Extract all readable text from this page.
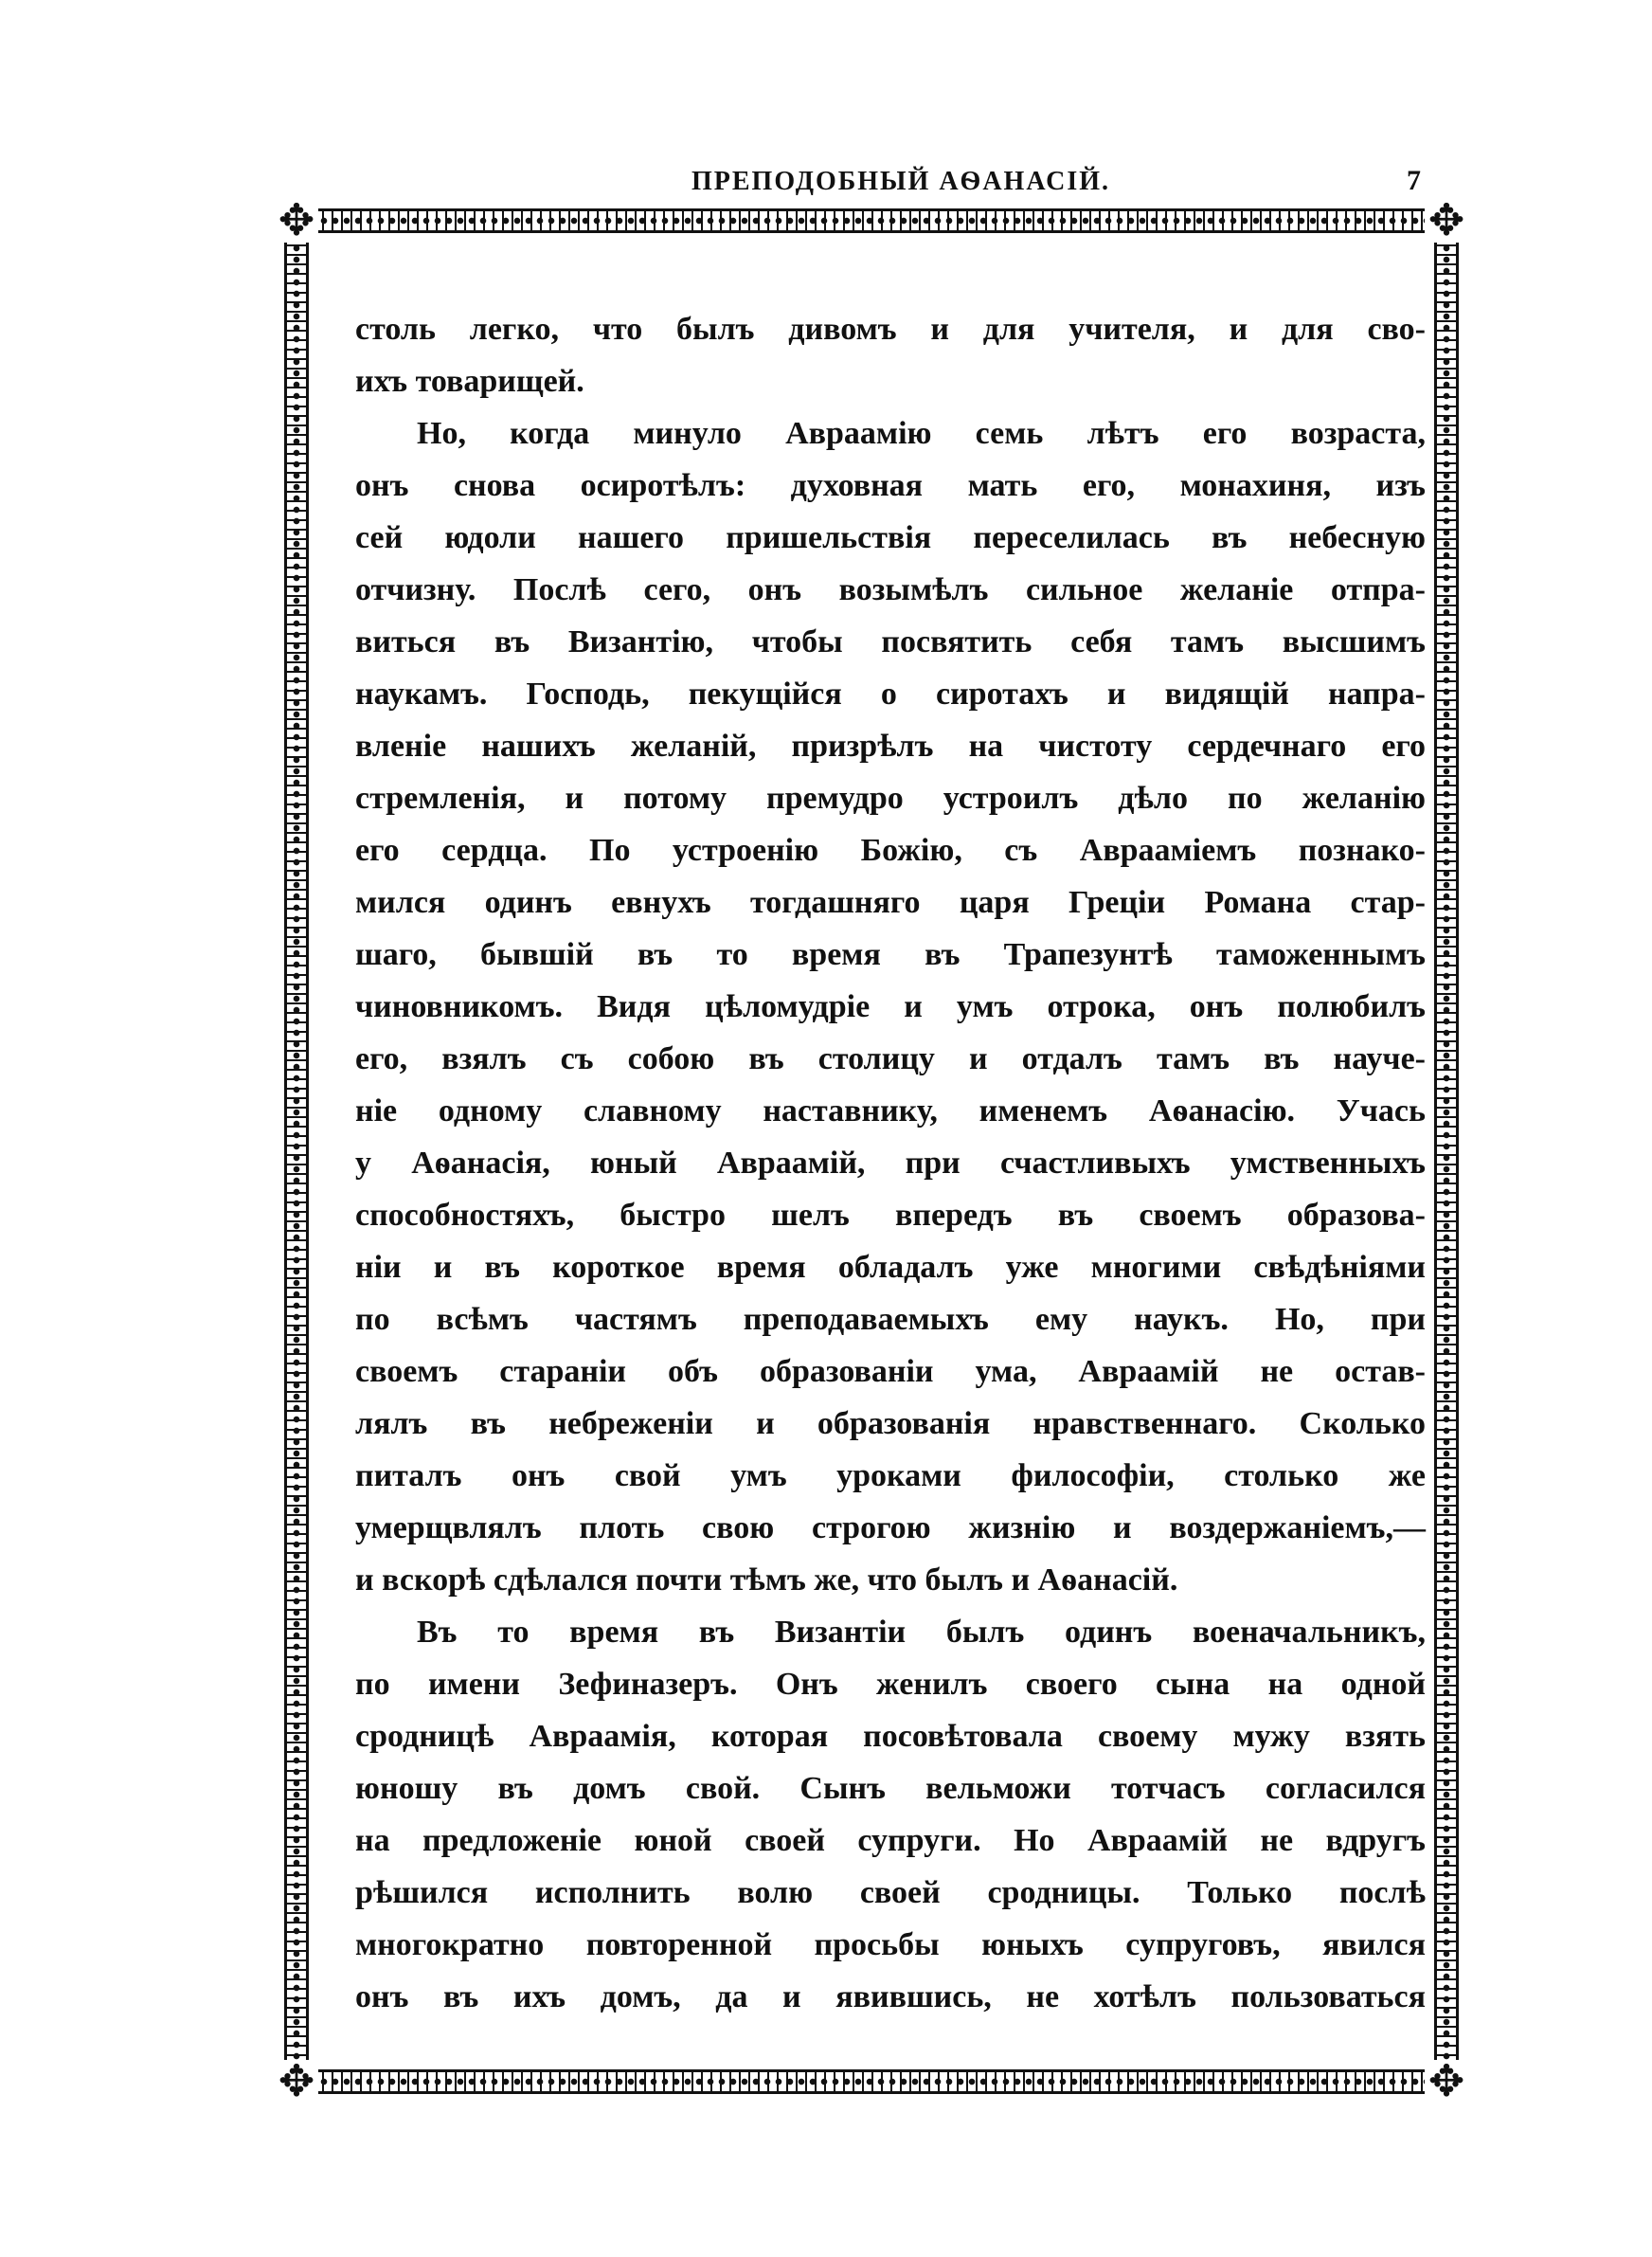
ПРЕПОДОБНЫЙ АѲАНАСІЙ.	7
✥	✥
✥	✥
столь легко, что былъ дивомъ и для учителя, и для сво-
ихъ товарищей.
Но, когда минуло Авраамію семь лѣтъ его возраста,
онъ снова осиротѣлъ: духовная мать его, монахиня, изъ
сей юдоли нашего пришельствія переселилась въ небесную
отчизну. Послѣ сего, онъ возымѣлъ сильное желаніе отпра-
виться въ Византію, чтобы посвятить себя тамъ высшимъ
наукамъ. Господь, пекущійся о сиротахъ и видящій напра-
вленіе нашихъ желаній, призрѣлъ на чистоту сердечнаго его
стремленія, и потому премудро устроилъ дѣло по желанію
его сердца. По устроенію Божію, съ Авраамiемъ познако-
мился одинъ евнухъ тогдашняго царя Греціи Романа стар-
шаго, бывшій въ то время въ Трапезунтѣ таможеннымъ
чиновникомъ. Видя цѣломудріе и умъ отрока, онъ полюбилъ
его, взялъ съ собою въ столицу и отдалъ тамъ въ науче-
ніе одному славному наставнику, именемъ Аѳанасію. Учась
у Аѳанасія, юный Авраамій, при счастливыхъ умственныхъ
способностяхъ, быстро шелъ впередъ въ своемъ образова-
ніи и въ короткое время обладалъ уже многими свѣдѣніями
по всѣмъ частямъ преподаваемыхъ ему наукъ. Но, при
своемъ стараніи объ образованіи ума, Авраамій не остав-
лялъ въ небреженіи и образованія нравственнаго. Сколько
питалъ онъ свой умъ уроками философіи, столько же
умерщвлялъ плоть свою строгою жизнію и воздержаніемъ,—
и вскорѣ сдѣлался почти тѣмъ же, что былъ и Аѳанасій.
Въ то время въ Византіи былъ одинъ военачальникъ,
по имени Зефиназеръ. Онъ женилъ своего сына на одной
сродницѣ Авраамія, которая посовѣтовала своему мужу взять
юношу въ домъ свой. Сынъ вельможи тотчасъ согласился
на предложеніе юной своей супруги. Но Авраамій не вдругъ
рѣшился исполнить волю своей сродницы. Только послѣ
многократно повторенной просьбы юныхъ супруговъ, явился
онъ въ ихъ домъ, да и явившись, не хотѣлъ пользоваться
